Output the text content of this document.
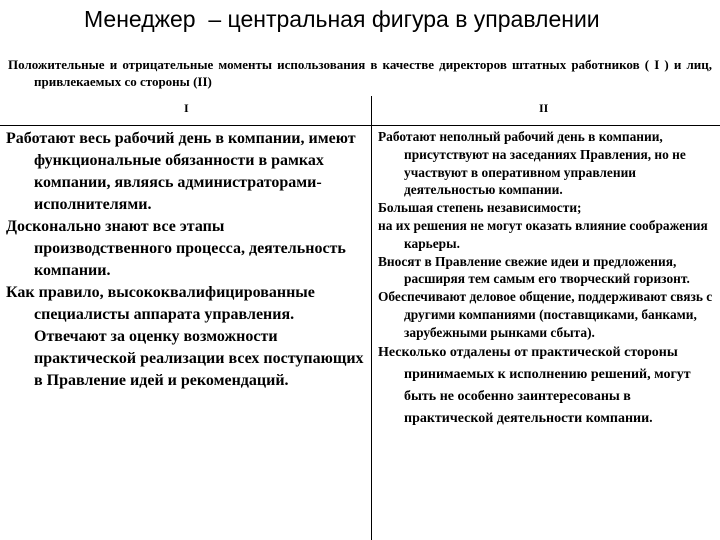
Менеджер  – центральная фигура в управлении
Положительные и отрицательные моменты использования в качестве директоров штатных работников ( I ) и лиц, привлекаемых со стороны (II)
I	II

Работают весь рабочий день в компании, имеют функциональные обязанности в рамках компании, являясь администраторами-исполнителями.

Досконально знают все этапы производственного процесса, деятельность компании.

Как правило, высококвалифицированные специалисты аппарата управления. Отвечают за оценку возможности практической реализации всех поступающих в Правление идей и рекомендаций.

Работают неполный рабочий день в компании, присутствуют на заседаниях Правления, но не участвуют в оперативном управлении деятельностью компании.

Большая степень независимости;

на их решения не могут оказать влияние соображения карьеры.

Вносят в Правление свежие идеи и предложения, расширяя тем самым его творческий горизонт.

Обеспечивают деловое общение, поддерживают связь с другими компаниями (поставщиками, банками, зарубежными рынками сбыта).

Несколько отдалены от практической стороны принимаемых к исполнению решений, могут быть не особенно заинтересованы в практической деятельности компании.
